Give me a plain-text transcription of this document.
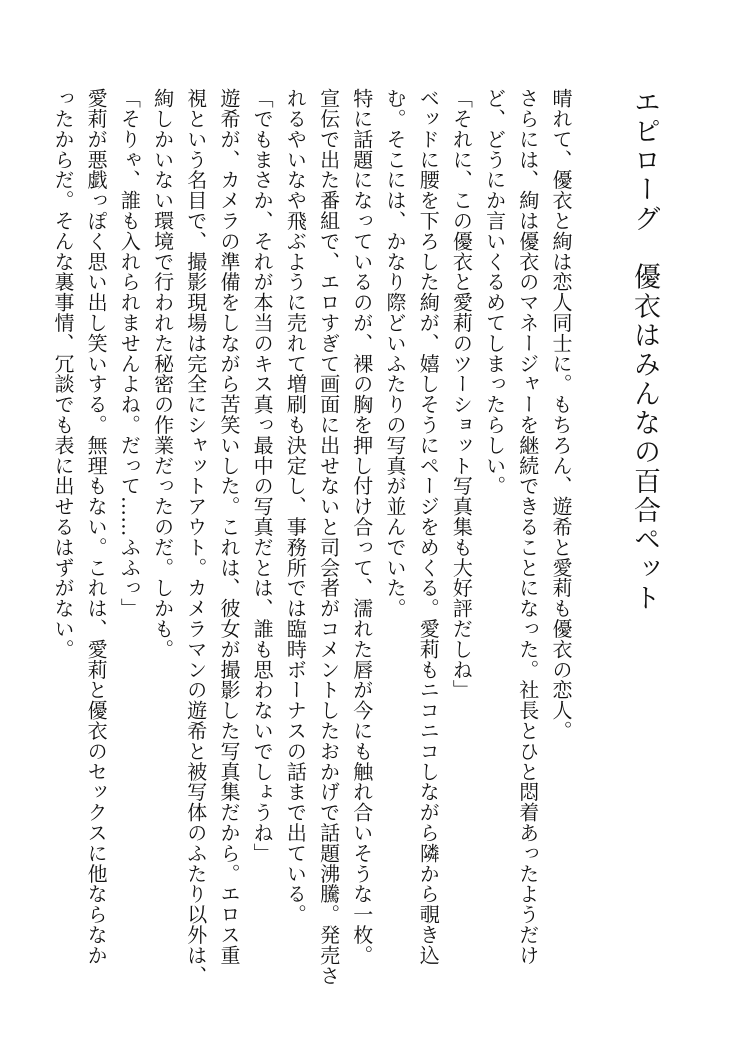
エピローグ　優衣はみんなの百合ペット

晴れて、優衣と絢は恋人同士に。もちろん、遊希と愛莉も優衣の恋人。

さらには、絢は優衣のマネージャーを継続できることになった。社長とひと悶着あったようだけ

ど、どうにか言いくるめてしまったらしい。

「それに、この優衣と愛莉のツーショット写真集も大好評だしね」

ベッドに腰を下ろした絢が、嬉しそうにページをめくる。愛莉もニコニコしながら隣から覗き込

む。そこには、かなり際どいふたりの写真が並んでいた。

特に話題になっているのが、裸の胸を押し付け合って、濡れた唇が今にも触れ合いそうな一枚。

宣伝で出た番組で、エロすぎて画面に出せないと司会者がコメントしたおかげで話題沸騰。発売さ

れるやいなや飛ぶように売れて増刷も決定し、事務所では臨時ボーナスの話まで出ている。

「でもまさか、それが本当のキス真っ最中の写真だとは、誰も思わないでしょうね」

遊希が、カメラの準備をしながら苦笑いした。これは、彼女が撮影した写真集だから。エロス重

視という名目で、撮影現場は完全にシャットアウト。カメラマンの遊希と被写体のふたり以外は、

絢しかいない環境で行われた秘密の作業だったのだ。しかも。

「そりゃ、誰も入れられませんよね。だって……ふふっ」

愛莉が悪戯っぽく思い出し笑いする。無理もない。これは、愛莉と優衣のセックスに他ならなか

ったからだ。そんな裏事情、冗談でも表に出せるはずがない。
